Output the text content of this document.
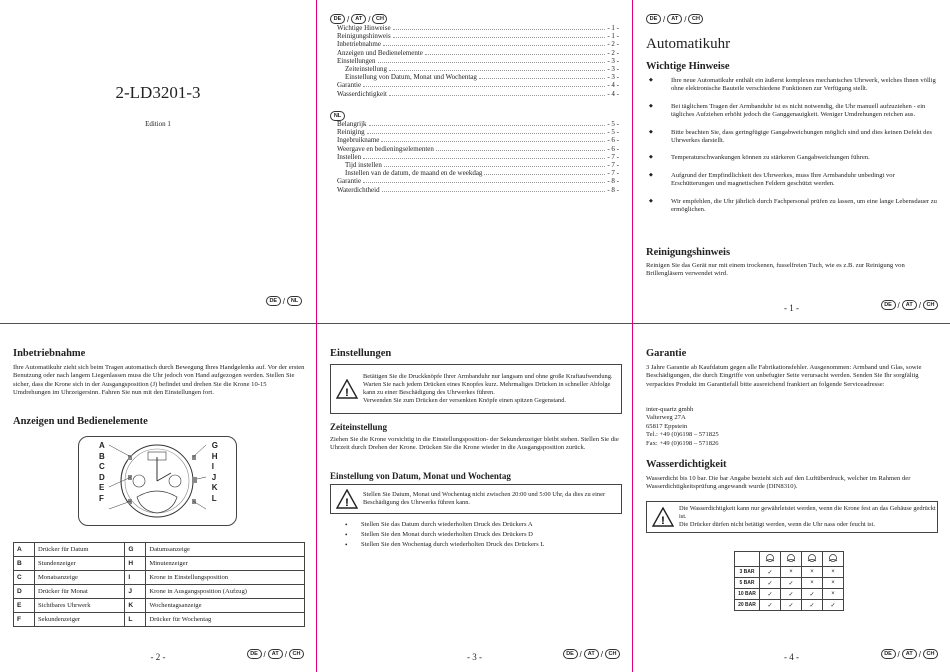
2-LD3201-3
Edition 1
DE /	NL
DE /	AT /	CH
Wichtige Hinweise	- 1 -
Reinigungshinweis	- 1 -
Inbetriebnahme	- 2 -
Anzeigen und Bedienelemente	- 2 -
Einstellungen	- 3 -
Zeiteinstellung	- 3 -
Einstellung von Datum, Monat und Wochentag	- 3 -
Garantie	- 4 -
Wasserdichtigkeit	- 4 -
NL
Belangrijk	- 5 -
Reiniging	- 5 -
Ingebruikname	- 6 -
Weergave en bedieningselementen	- 6 -
Instellen	- 7 -
Tijd instellen	- 7 -
Instellen van de datum, de maand en de weekdag	- 7 -
Garantie	- 8 -
Waterdichtheid	- 8 -
DE /	AT /	CH
Automatikuhr
Wichtige Hinweise
◆	Ihre neue Automatikuhr enthält ein äußerst komplexes mechanisches Uhrwerk, welches Ihnen völlig ohne elektronische Bauteile verschiedene Funktionen zur Verfügung stellt.
◆	Bei täglichem Tragen der Armbanduhr ist es nicht notwendig, die Uhr manuell aufzuziehen - ein tägliches Aufziehen erhöht jedoch die Ganggenauigkeit. Weniger Umdrehungen reichen aus.
◆	Bitte beachten Sie, dass geringfügige Gangabweichungen möglich sind und dies keinen Defekt des Uhrwerkes darstellt.
◆	Temperaturschwankungen können zu stärkeren Gangabweichungen führen.
◆	Aufgrund der Empfindlichkeit des Uhrwerkes, muss Ihre Armbanduhr unbedingt vor Erschütterungen und magnetischen Feldern geschützt werden.
◆	Wir empfehlen, die Uhr jährlich durch Fachpersonal prüfen zu lassen, um eine lange Lebensdauer zu ermöglichen.
Reinigungshinweis
Reinigen Sie das Gerät nur mit einem trockenen, fusselfreien Tuch, wie es z.B. zur Reinigung von Brillengläsern verwendet wird.
- 1 -	DE /	AT /	CH
Inbetriebnahme
Ihre Automatikuhr zieht sich beim Tragen automatisch durch Bewegung Ihres Handgelenks auf. Vor der ersten Benutzung oder nach langem Liegenlassen muss die Uhr jedoch von Hand aufgezogen werden. Stellen Sie sicher, dass die Krone sich in der Ausgangsposition (J) befindet und drehen Sie die Krone 10-15 Umdrehungen im Uhrzeigersinn. Fahren Sie nun mit den Einstellungen fort.
Anzeigen und Bedienelemente
A
B
C
D
E
F
G
H
I
J
K
L
A	Drücker für Datum	G	Datumsanzeige
B	Stundenzeiger	H	Minutenzeiger
C	Monatsanzeige	I	Krone in Einstellungsposition
D	Drücker für Monat	J	Krone in Ausgangsposition (Aufzug)
E	Sichtbares Uhrwerk	K	Wochentagsanzeige
F	Sekundenzeiger	L	Drücker für Wochentag
- 2 -	DE /	AT /	CH
Einstellungen
!
Betätigen Sie die Druckknöpfe Ihrer Armbanduhr nur langsam und ohne große Kraftaufwendung. Warten Sie nach jedem Drücken eines Knopfes kurz. Mehrmaliges Drücken in schneller Abfolge kann zu einer Beschädigung des Uhrwerkes führen.
Verwenden Sie zum Drücken der versenkten Knöpfe einen spitzen Gegenstand.
Zeiteinstellung
Ziehen Sie die Krone vorsichtig in die Einstellungsposition- der Sekundenzeiger bleibt stehen. Stellen Sie die Uhrzeit durch Drehen der Krone. Drücken Sie die Krone wieder in die Ausgangsposition zurück.
Einstellung von Datum, Monat und Wochentag
!
Stellen Sie Datum, Monat und Wochentag nicht zwischen 20:00 und 5:00 Uhr, da dies zu einer Beschädigung des Uhrwerks führen kann.
•	Stellen Sie das Datum durch wiederholten Druck des Drückers A
•	Stellen Sie den Monat durch wiederholten Druck des Drückers D
•	Stellen Sie den Wochentag durch wiederholten Druck des Drückers L
- 3 -	DE /	AT /	CH
Garantie
3 Jahre Garantie ab Kaufdatum gegen alle Fabrikationsfehler. Ausgenommen: Armband und Glas, sowie Beschädigungen, die durch Eingriffe von unbefugter Seite verursacht werden. Senden Sie Ihr sorgfältig verpacktes Produkt im Garantiefall bitte ausreichend frankiert an folgende Serviceadresse:
inter-quartz gmbh
Valterweg 27A
65817 Eppstein
Tel.: +49 (0)6198 – 571825
Fax: +49 (0)6198 – 571826
Wasserdichtigkeit
Wasserdicht bis 10 bar. Die bar Angabe bezieht sich auf den Luftüberdruck, welcher im Rahmen der Wasserdichtigkeitsprüfung angewandt wurde (DIN8310).
!
Die Wasserdichtigkeit kann nur gewährleistet werden, wenn die Krone fest an das Gehäuse gedrückt ist.
Die Drücker dürfen nicht betätigt werden, wenn die Uhr nass oder feucht ist.

3 BAR	✓	×	×	×
5 BAR	✓	✓	×	×
10 BAR	✓	✓	✓	×
20 BAR	✓	✓	✓	✓
- 4 -	DE /	AT /	CH
